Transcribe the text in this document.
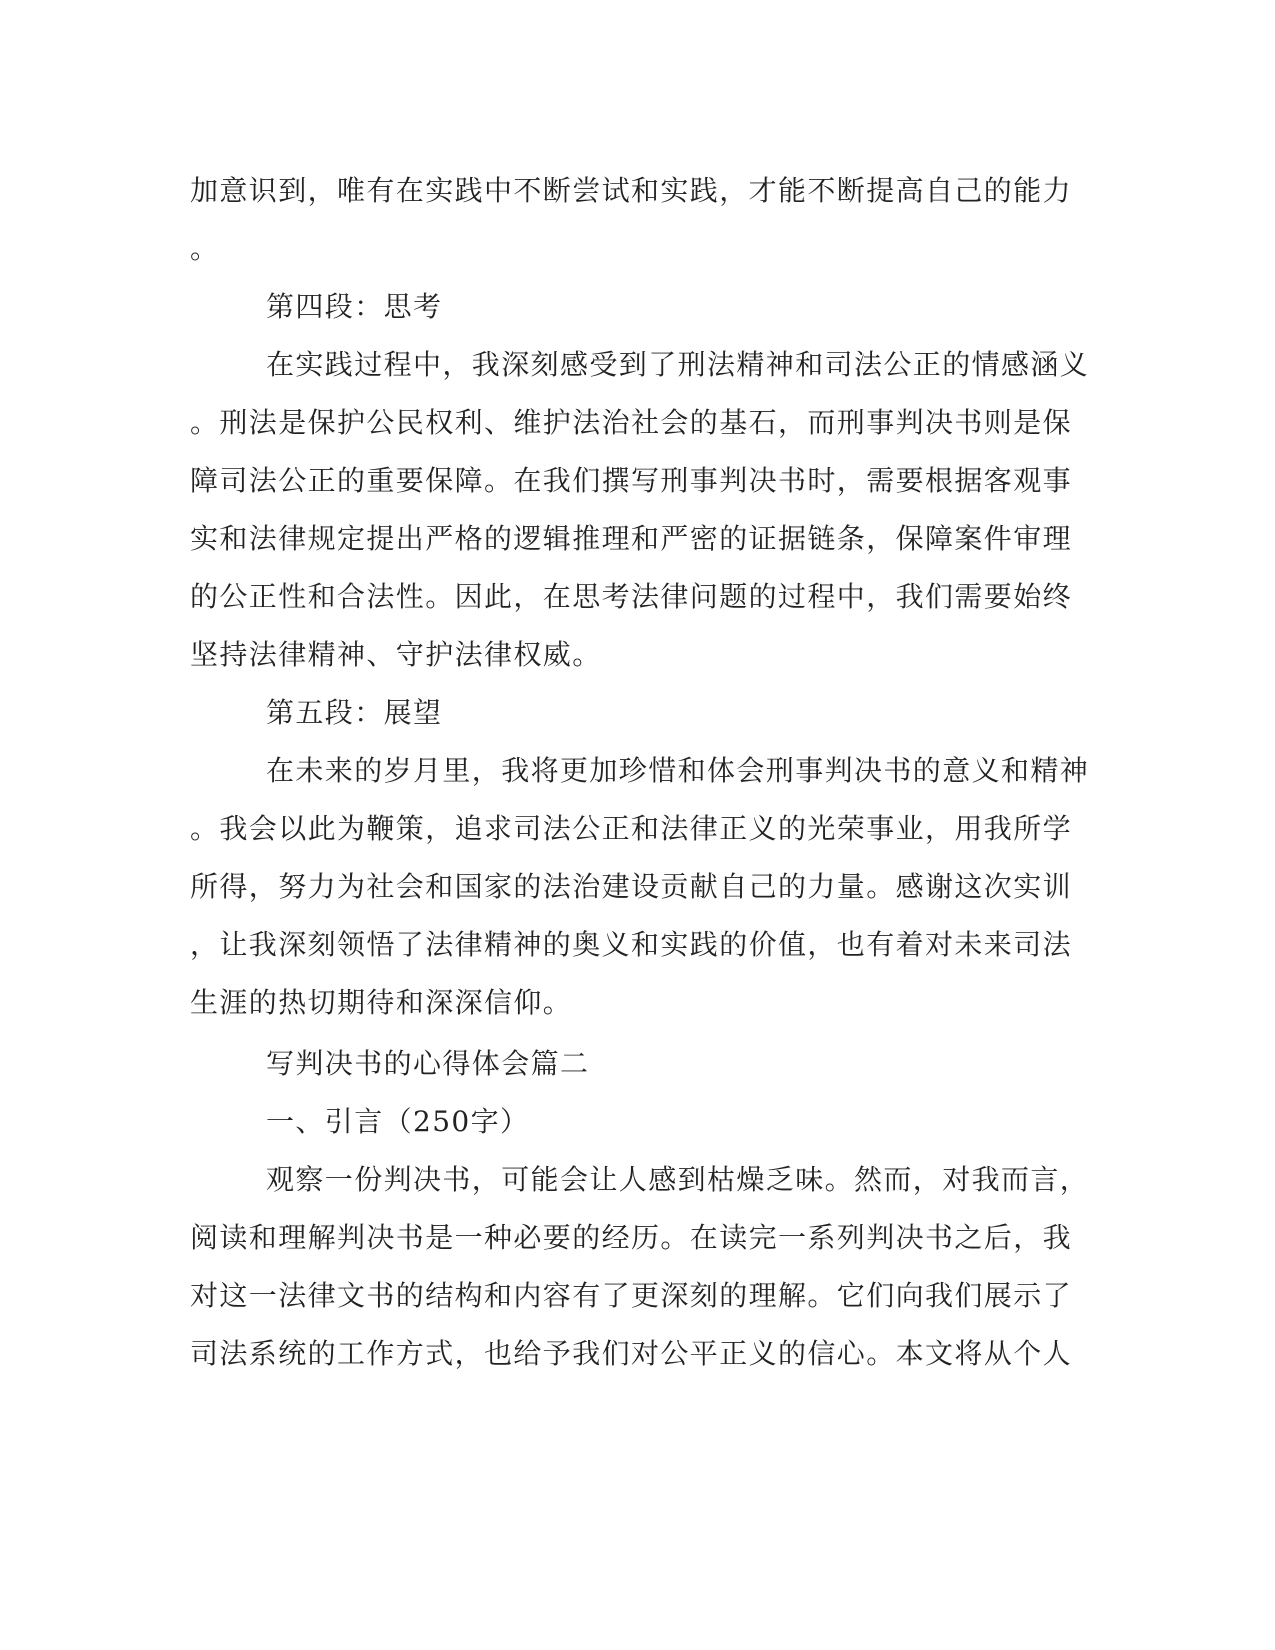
加意识到，唯有在实践中不断尝试和实践，才能不断提高自己的能力
。
第四段：思考
在实践过程中，我深刻感受到了刑法精神和司法公正的情感涵义
。刑法是保护公民权利、维护法治社会的基石，而刑事判决书则是保
障司法公正的重要保障。在我们撰写刑事判决书时，需要根据客观事
实和法律规定提出严格的逻辑推理和严密的证据链条，保障案件审理
的公正性和合法性。因此，在思考法律问题的过程中，我们需要始终
坚持法律精神、守护法律权威。
第五段：展望
在未来的岁月里，我将更加珍惜和体会刑事判决书的意义和精神
。我会以此为鞭策，追求司法公正和法律正义的光荣事业，用我所学
所得，努力为社会和国家的法治建设贡献自己的力量。感谢这次实训
，让我深刻领悟了法律精神的奥义和实践的价值，也有着对未来司法
生涯的热切期待和深深信仰。
写判决书的心得体会篇二
一、引言（250字）
观察一份判决书，可能会让人感到枯燥乏味。然而，对我而言，
阅读和理解判决书是一种必要的经历。在读完一系列判决书之后，我
对这一法律文书的结构和内容有了更深刻的理解。它们向我们展示了
司法系统的工作方式，也给予我们对公平正义的信心。本文将从个人
